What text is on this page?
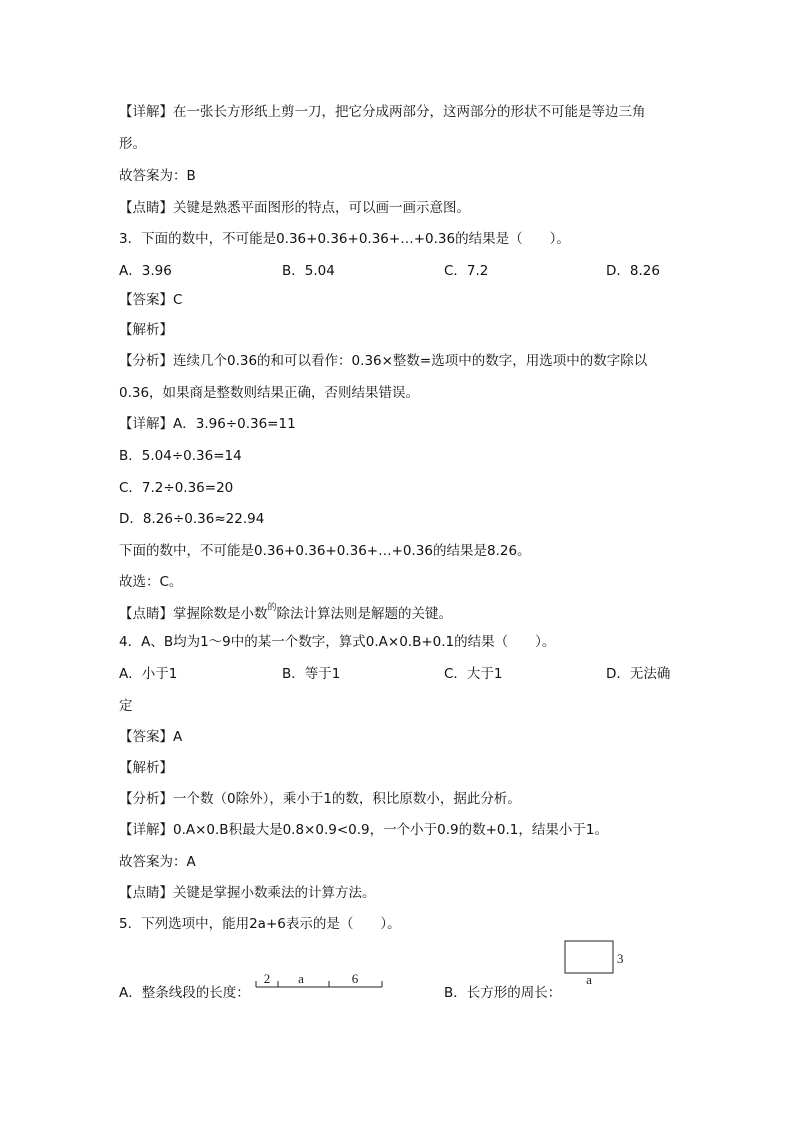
【详解】在一张长方形纸上剪一刀，把它分成两部分，这两部分的形状不可能是等边三角
形。
故答案为：B
【点睛】关键是熟悉平面图形的特点，可以画一画示意图。
3．下面的数中，不可能是0.36+0.36+0.36+…+0.36的结果是（　　）。
A．3.96	B．5.04	C．7.2	D．8.26
【答案】C
【解析】
【分析】连续几个0.36的和可以看作：0.36×整数=选项中的数字，用选项中的数字除以
0.36，如果商是整数则结果正确，否则结果错误。
【详解】A．3.96÷0.36=11
B．5.04÷0.36=14
C．7.2÷0.36=20
D．8.26÷0.36≈22.94
下面的数中，不可能是0.36+0.36+0.36+…+0.36的结果是8.26。
故选：C。
【点睛】掌握除数是小数$^的$除法计算法则是解题的关键。
4．A、B均为1～9中的某一个数字，算式0.A×0.B+0.1的结果（　　）。
A．小于1	B．等于1	C．大于1	D．无法确
定
【答案】A
【解析】
【分析】一个数（0除外），乘小于1的数，积比原数小，据此分析。
【详解】0.A×0.B积最大是0.8×0.9<0.9，一个小于0.9的数+0.1，结果小于1。
故答案为：A
【点睛】关键是掌握小数乘法的计算方法。
5．下列选项中，能用2a+6表示的是（　　）。
A．整条线段的长度：
2 a	6
B．长方形的周长：
3
a
